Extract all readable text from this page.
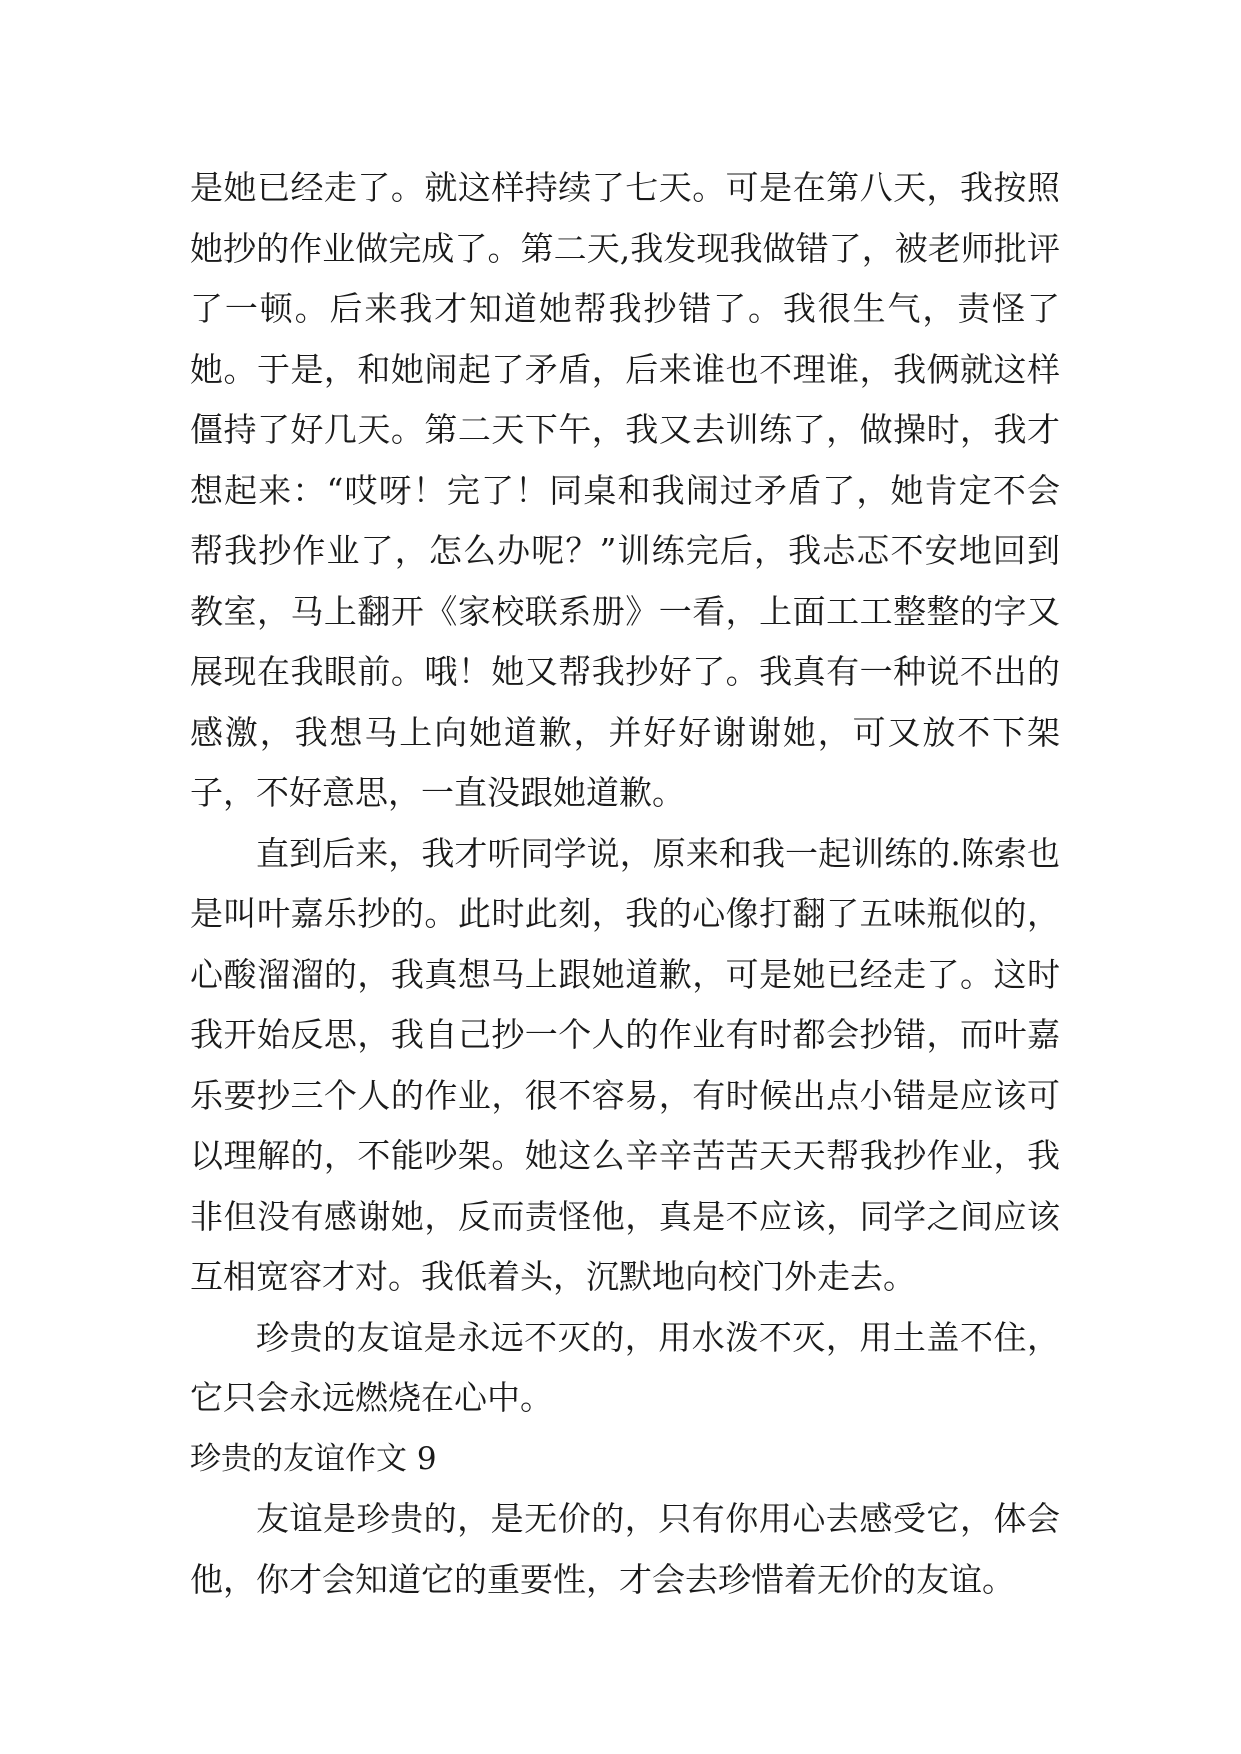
是她已经走了。就这样持续了七天。可是在第八天，我按照她抄的作业做完成了。第二天,我发现我做错了，被老师批评了一顿。后来我才知道她帮我抄错了。我很生气，责怪了她。于是，和她闹起了矛盾，后来谁也不理谁，我俩就这样僵持了好几天。第二天下午，我又去训练了，做操时，我才想起来：“哎呀！完了！同桌和我闹过矛盾了，她肯定不会帮我抄作业了，怎么办呢？”训练完后，我忐忑不安地回到教室，马上翻开《家校联系册》一看，上面工工整整的字又展现在我眼前。哦！她又帮我抄好了。我真有一种说不出的感激，我想马上向她道歉，并好好谢谢她，可又放不下架子，不好意思，一直没跟她道歉。

直到后来，我才听同学说，原来和我一起训练的.陈索也是叫叶嘉乐抄的。此时此刻，我的心像打翻了五味瓶似的，心酸溜溜的，我真想马上跟她道歉，可是她已经走了。这时我开始反思，我自己抄一个人的作业有时都会抄错，而叶嘉乐要抄三个人的作业，很不容易，有时候出点小错是应该可以理解的，不能吵架。她这么辛辛苦苦天天帮我抄作业，我非但没有感谢她，反而责怪他，真是不应该，同学之间应该互相宽容才对。我低着头，沉默地向校门外走去。

珍贵的友谊是永远不灭的，用水泼不灭，用土盖不住，它只会永远燃烧在心中。

珍贵的友谊作文 9

友谊是珍贵的，是无价的，只有你用心去感受它，体会他，你才会知道它的重要性，才会去珍惜着无价的友谊。
